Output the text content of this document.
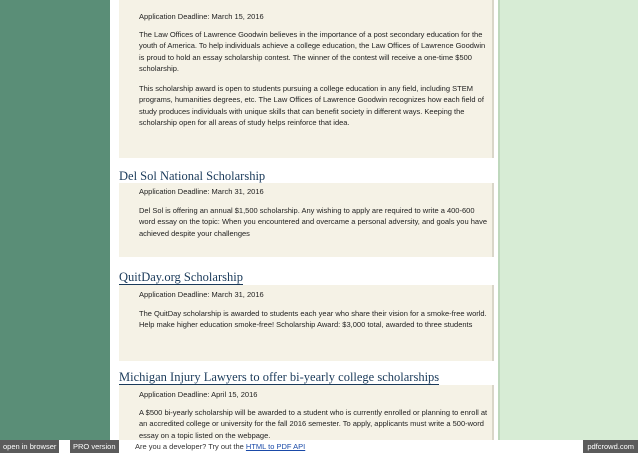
Application Deadline: March 15, 2016
The Law Offices of Lawrence Goodwin believes in the importance of a post secondary education for the youth of America. To help individuals achieve a college education, the Law Offices of Lawrence Goodwin is proud to hold an essay scholarship contest. The winner of the contest will receive a one-time $500 scholarship.
This scholarship award is open to students pursuing a college education in any field, including STEM programs, humanities degrees, etc. The Law Offices of Lawrence Goodwin recognizes how each field of study produces individuals with unique skills that can benefit society in different ways. Keeping the scholarship open for all areas of study helps reinforce that idea.
Del Sol National Scholarship
Application Deadline: March 31, 2016
Del Sol is offering an annual $1,500 scholarship. Any wishing to apply are required to write a 400-600 word essay on the topic: When you encountered and overcame a personal adversity, and goals you have achieved despite your challenges
QuitDay.org Scholarship
Application Deadline: March 31, 2016
The QuitDay scholarship is awarded to students each year who share their vision for a smoke-free world. Help make higher education smoke-free! Scholarship Award: $3,000 total, awarded to three students
Michigan Injury Lawyers to offer bi-yearly college scholarships
Application Deadline: April 15, 2016
A $500 bi-yearly scholarship will be awarded to a student who is currently enrolled or planning to enroll at an accredited college or university for the fall 2016 semester. To apply, applicants must write a 500-word essay on a topic listed on the webpage.
open in browser	PRO version	Are you a developer? Try out the HTML to PDF API	pdfcrowd.com
